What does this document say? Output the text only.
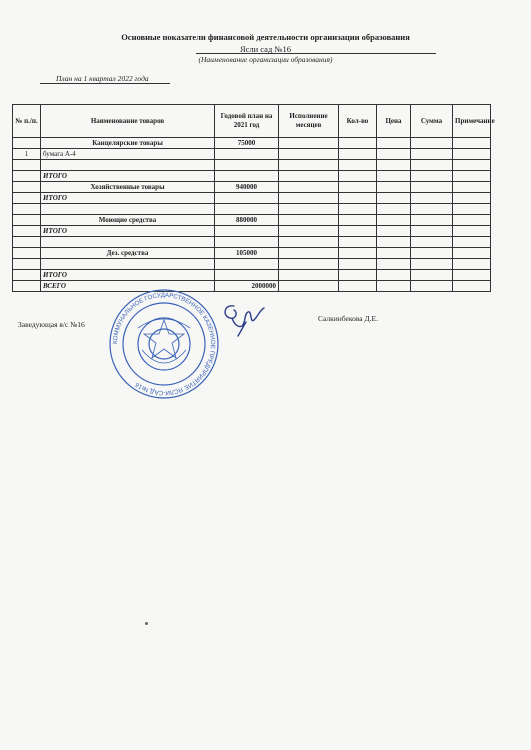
Основные показатели финансовой деятельности организации образования
Ясли сад №16
(Наименование организации образования)
План на 1 квартал 2022 года
№ п./п.	Наименование товаров	Годовой план на 2021 год	Исполнение месяцев	Кол-во	Цена	Сумма	Примечание
	Канцелярские товары	75000					
1	бумага А-4						

	ИТОГО						
	Хозяйственные товары	940000					
	ИТОГО						

	Моющие средства	880000					
	ИТОГО						

	Дез. средства	105000					

	ИТОГО						
	ВСЕГО	2000000					
Заведующая я/с №16
Салкинбекова Д.Е.
КОММУНАЛЬНОЕ ГОСУДАРСТВЕННОЕ КАЗЕННОЕ ПРЕДПРИЯТИЕ ЯСЛИ-САД №16
